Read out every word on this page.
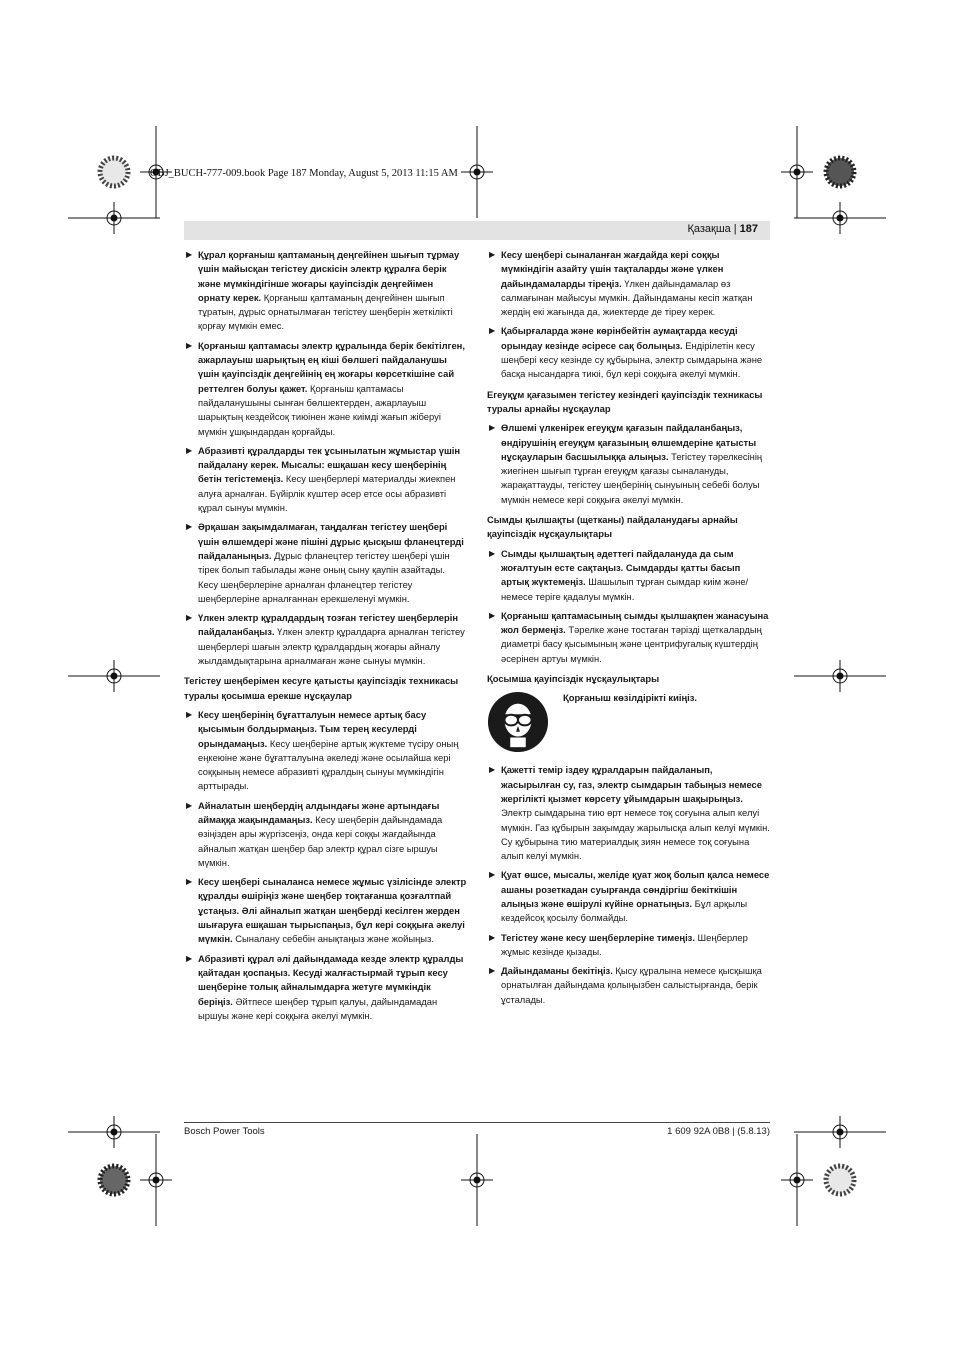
OBJ_BUCH-777-009.book Page 187 Monday, August 5, 2013 11:15 AM
Қазақша | 187
▶ Құрал қорғаныш қаптаманың деңгейінен шығып тұрмау үшін майысқан тегістеу дискісін электр құралға берік және мүмкіндігінше жоғары қауіпсіздік деңгейімен орнату керек. Қорғаныш қаптаманың деңгейінен шығып тұратын, дұрыс орнатылмаған тегістеу шеңберін жеткілікті қорғау мүмкін емес.
▶ Қорғаныш қаптамасы электр құралында берік бекітілген, ажарлауыш шарықтың ең кіші бөлшегі пайдаланушы үшін қауіпсіздік деңгейінің ең жоғары көрсеткішіне сай реттелген болуы қажет. Қорғаныш қаптамасы пайдаланушыны сынған бөлшектерден, ажарлауыш шарықтың кездейсоқ тиюінен және киімді жағып жіберуі мүмкін ұшқындардан қорғайды.
▶ Абразивті құралдарды тек ұсынылатын жұмыстар үшін пайдалану керек. Мысалы: ешқашан кесу шеңберінің бетін тегістемеңіз. Кесу шеңберлері материалды жиекпен алуға арналған. Бүйірлік күштер әсер етсе осы абразивті құрал сынуы мүмкін.
▶ Әрқашан зақымдалмаған, таңдалған тегістеу шеңбері үшін өлшемдері және пішіні дұрыс қысқыш фланецтерді пайдаланыңыз. Дұрыс фланецтер тегістеу шеңбері үшін тірек болып табылады және оның сыну қаупін азайтады. Кесу шеңберлеріне арналған фланецтер тегістеу шеңберлеріне арналғаннан ерекшеленуі мүмкін.
▶ Үлкен электр құралдардың тозған тегістеу шеңберлерін пайдаланбаңыз. Үлкен электр құралдарға арналған тегістеу шеңберлері шағын электр құралдардың жоғары айналу жылдамдықтарына арналмаған және сынуы мүмкін.
Тегістеу шеңберімен кесуге қатысты қауіпсіздік техникасы туралы қосымша ерекше нұсқаулар
▶ Кесу шеңберінің бұғатталуын немесе артық басу қысымын болдырмаңыз. Тым терең кесулерді орындамаңыз. Кесу шеңберіне артық жүктеме түсіру оның еңкеюіне және бұғатталуына әкеледі және осылайша кері соққының немесе абразивті құралдың сынуы мүмкіндігін арттырады.
▶ Айналатын шеңбердің алдындағы және артындағы аймаққа жақындамаңыз. Кесу шеңберін дайындамада өзіңізден ары жүргізсеңіз, онда кері соққы жағдайында айналып жатқан шеңбер бар электр құрал сізге ыршуы мүмкін.
▶ Кесу шеңбері сыналанса немесе жұмыс үзілісінде электр құралды өшіріңіз және шеңбер тоқтағанша қозғалтпай ұстаңыз. Әлі айналып жатқан шеңберді кесілген жерден шығаруға ешқашан тырыспаңыз, бұл кері соққыға әкелуі мүмкін. Сыналану себебін анықтаңыз және жойыңыз.
▶ Абразивті құрал әлі дайындамада кезде электр құралды қайтадан қоспаңыз. Кесуді жалғастырмай тұрып кесу шеңберіне толық айналымдарға жетуге мүмкіндік беріңіз. Әйтпесе шеңбер тұрып қалуы, дайындамадан ыршуы және кері соққыға әкелуі мүмкін.
▶ Кесу шеңбері сыналанған жағдайда кері соққы мүмкіндігін азайту үшін тақталарды және үлкен дайындамаларды тіреңіз. Үлкен дайындамалар өз салмағынан майысуы мүмкін. Дайындаманы кесіп жатқан жердің екі жағында да, жиектерде де тіреу керек.
▶ Қабырғаларда және көрінбейтін аумақтарда кесуді орындау кезінде әсіресе сақ болыңыз. Ендірілетін кесу шеңбері кесу кезінде су құбырына, электр сымдарына және басқа нысандарға тиюі, бұл кері соққыға әкелуі мүмкін.
Егеуқұм қағазымен тегістеу кезіндегі қауіпсіздік техникасы туралы арнайы нұсқаулар
▶ Өлшемі үлкенірек егеуқұм қағазын пайдаланбаңыз, өндірушінің егеуқұм қағазының өлшемдеріне қатысты нұсқауларын басшылыққа алыңыз. Тегістеу тәрелкесінің жиегінен шығып тұрған егеуқұм қағазы сыналануды, жарақаттауды, тегістеу шеңберінің сынуының себебі болуы мүмкін немесе кері соққыға әкелуі мүмкін.
Сымды қылшақты (щетканы) пайдаланудағы арнайы қауіпсіздік нұсқаулықтары
▶ Сымды қылшақтың әдеттегі пайдалануда да сым жоғалтуын есте сақтаңыз. Сымдарды қатты басып артық жүктемеңіз. Шашылып тұрған сымдар киім және/немесе теріге қадалуы мүмкін.
▶ Қорғаныш қаптамасының сымды қылшақпен жанасуына жол бермеңіз. Тәрелке және тостаған тәрізді щеткалардың диаметрі басу қысымының және центрифугалық күштердің әсерінен артуы мүмкін.
Қосымша қауіпсіздік нұсқаулықтары
Қорғаныш көзілдірікті киіңіз.
▶ Қажетті темір іздеу құралдарын пайдаланып, жасырылған су, газ, электр сымдарын табыңыз немесе жергілікті қызмет көрсету ұйымдарын шақырыңыз. Электр сымдарына тию өрт немесе тоқ соғуына алып келуі мүмкін. Газ құбырын зақымдау жарылысқа алып келуі мүмкін. Су құбырына тию материалдық зиян немесе тоқ соғуына алып келуі мүмкін.
▶ Қуат өшсе, мысалы, желіде қуат жоқ болып қалса немесе ашаны розеткадан суырғанда сөндіргіш бекіткішін алыңыз және өшірулі күйіне орнатыңыз. Бұл арқылы кездейсоқ қосылу болмайды.
▶ Тегістеу және кесу шеңберлеріне тимеңіз. Шеңберлер жұмыс кезінде қызады.
▶ Дайындаманы бекітіңіз. Қысу құралына немесе қысқышқа орнатылған дайындама қолыңызбен салыстырғанда, берік ұсталады.
Bosch Power Tools	1 609 92A 0B8 | (5.8.13)
